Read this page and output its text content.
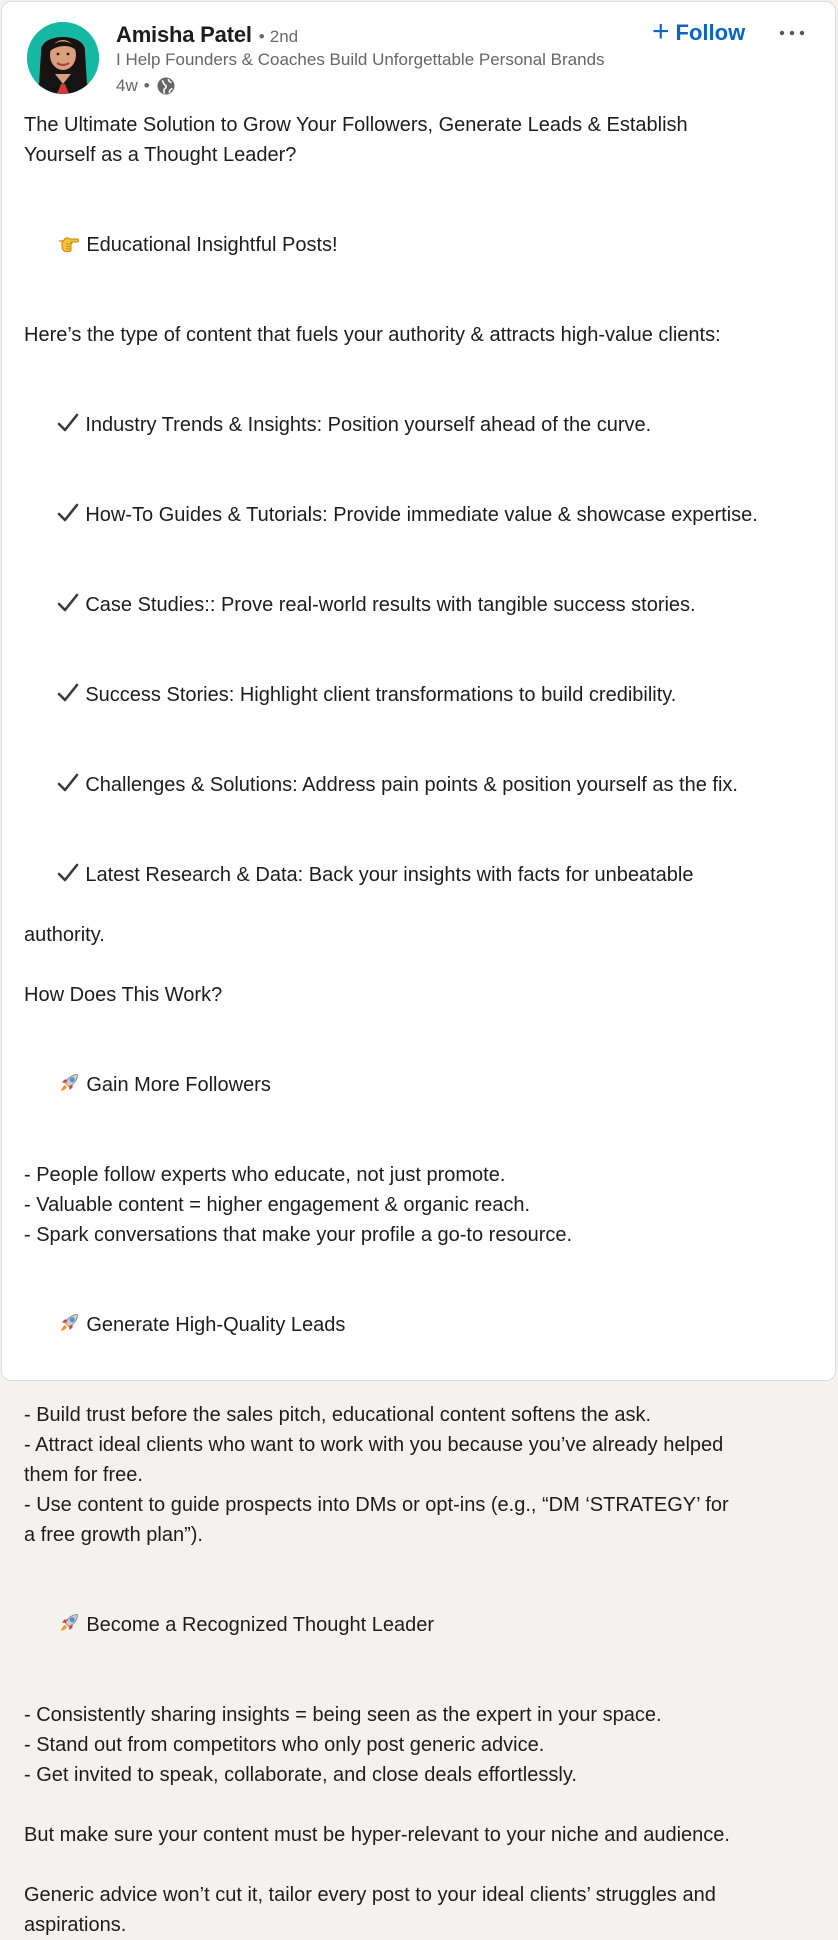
Amisha Patel • 2nd
I Help Founders & Coaches Build Unforgettable Personal Brands
4w •
+ Follow
The Ultimate Solution to Grow Your Followers, Generate Leads & Establish
Yourself as a Thought Leader?

Educational Insightful Posts!

Here’s the type of content that fuels your authority & attracts high-value clients:

Industry Trends & Insights: Position yourself ahead of the curve.

How-To Guides & Tutorials: Provide immediate value & showcase expertise.

Case Studies:: Prove real-world results with tangible success stories.

Success Stories: Highlight client transformations to build credibility.

Challenges & Solutions: Address pain points & position yourself as the fix.

Latest Research & Data: Back your insights with facts for unbeatable

authority.
How Does This Work?

Gain More Followers

- People follow experts who educate, not just promote.
- Valuable content = higher engagement & organic reach.
- Spark conversations that make your profile a go-to resource.

Generate High-Quality Leads

- Build trust before the sales pitch, educational content softens the ask.
- Attract ideal clients who want to work with you because you’ve already helped
them for free.
- Use content to guide prospects into DMs or opt-ins (e.g., “DM ‘STRATEGY’ for
a free growth plan”).

Become a Recognized Thought Leader

- Consistently sharing insights = being seen as the expert in your space.
- Stand out from competitors who only post generic advice.
- Get invited to speak, collaborate, and close deals effortlessly.
But make sure your content must be hyper-relevant to your niche and audience.
Generic advice won’t cut it, tailor every post to your ideal clients’ struggles and
aspirations.
